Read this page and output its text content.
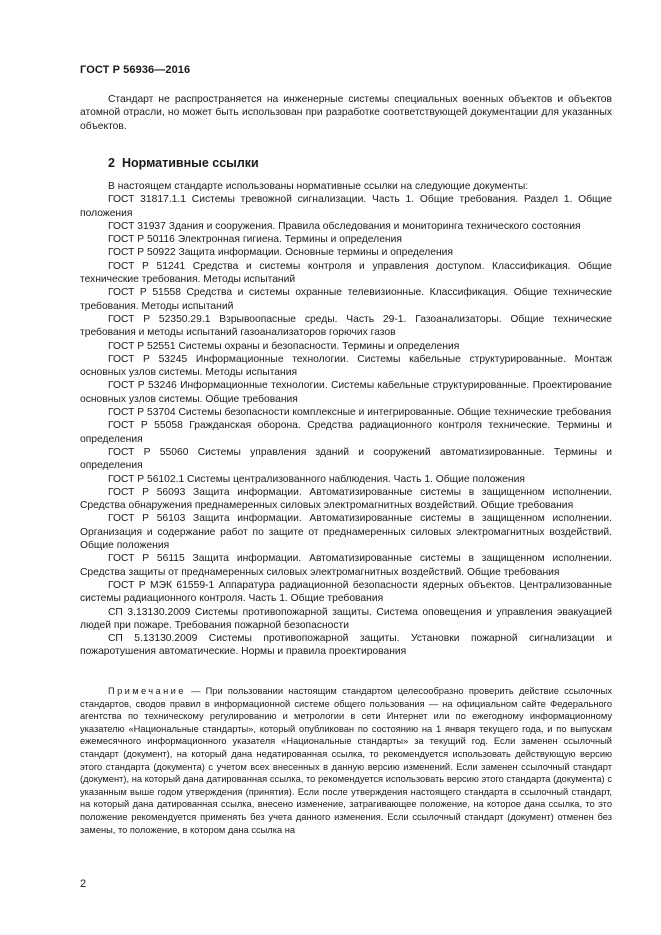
ГОСТ Р 56936—2016

Стандарт не распространяется на инженерные системы специальных военных объектов и объектов атомной отрасли, но может быть использован при разработке соответствующей документации для указанных объектов.

2 Нормативные ссылки

В настоящем стандарте использованы нормативные ссылки на следующие документы:

ГОСТ 31817.1.1 Системы тревожной сигнализации. Часть 1. Общие требования. Раздел 1. Общие положения

ГОСТ 31937 Здания и сооружения. Правила обследования и мониторинга технического состояния

ГОСТ Р 50116 Электронная гигиена. Термины и определения

ГОСТ Р 50922 Защита информации. Основные термины и определения

ГОСТ Р 51241 Средства и системы контроля и управления доступом. Классификация. Общие технические требования. Методы испытаний

ГОСТ Р 51558 Средства и системы охранные телевизионные. Классификация. Общие технические требования. Методы испытаний

ГОСТ Р 52350.29.1 Взрывоопасные среды. Часть 29-1. Газоанализаторы. Общие технические требования и методы испытаний газоанализаторов горючих газов

ГОСТ Р 52551 Системы охраны и безопасности. Термины и определения

ГОСТ Р 53245 Информационные технологии. Системы кабельные структурированные. Монтаж основных узлов системы. Методы испытания

ГОСТ Р 53246 Информационные технологии. Системы кабельные структурированные. Проектирование основных узлов системы. Общие требования

ГОСТ Р 53704 Системы безопасности комплексные и интегрированные. Общие технические требования

ГОСТ Р 55058 Гражданская оборона. Средства радиационного контроля технические. Термины и определения

ГОСТ Р 55060 Системы управления зданий и сооружений автоматизированные. Термины и определения

ГОСТ Р 56102.1 Системы централизованного наблюдения. Часть 1. Общие положения

ГОСТ Р 56093 Защита информации. Автоматизированные системы в защищенном исполнении. Средства обнаружения преднамеренных силовых электромагнитных воздействий. Общие требования

ГОСТ Р 56103 Защита информации. Автоматизированные системы в защищенном исполнении. Организация и содержание работ по защите от преднамеренных силовых электромагнитных воздействий. Общие положения

ГОСТ Р 56115 Защита информации. Автоматизированные системы в защищенном исполнении. Средства защиты от преднамеренных силовых электромагнитных воздействий. Общие требования

ГОСТ Р МЭК 61559-1 Аппаратура радиационной безопасности ядерных объектов. Централизованные системы радиационного контроля. Часть 1. Общие требования

СП 3.13130.2009 Системы противопожарной защиты. Система оповещения и управления эвакуацией людей при пожаре. Требования пожарной безопасности

СП 5.13130.2009 Системы противопожарной защиты. Установки пожарной сигнализации и пожаротушения автоматические. Нормы и правила проектирования

Примечание — При пользовании настоящим стандартом целесообразно проверить действие ссылочных стандартов, сводов правил в информационной системе общего пользования — на официальном сайте Федерального агентства по техническому регулированию и метрологии в сети Интернет или по ежегодному информационному указателю «Национальные стандарты», который опубликован по состоянию на 1 января текущего года, и по выпускам ежемесячного информационного указателя «Национальные стандарты» за текущий год. Если заменен ссылочный стандарт (документ), на который дана недатированная ссылка, то рекомендуется использовать действующую версию этого стандарта (документа) с учетом всех внесенных в данную версию изменений. Если заменен ссылочный стандарт (документ), на который дана датированная ссылка, то рекомендуется использовать версию этого стандарта (документа) с указанным выше годом утверждения (принятия). Если после утверждения настоящего стандарта в ссылочный стандарт, на который дана датированная ссылка, внесено изменение, затрагивающее положение, на которое дана ссылка, то это положение рекомендуется применять без учета данного изменения. Если ссылочный стандарт (документ) отменен без замены, то положение, в котором дана ссылка на

2
